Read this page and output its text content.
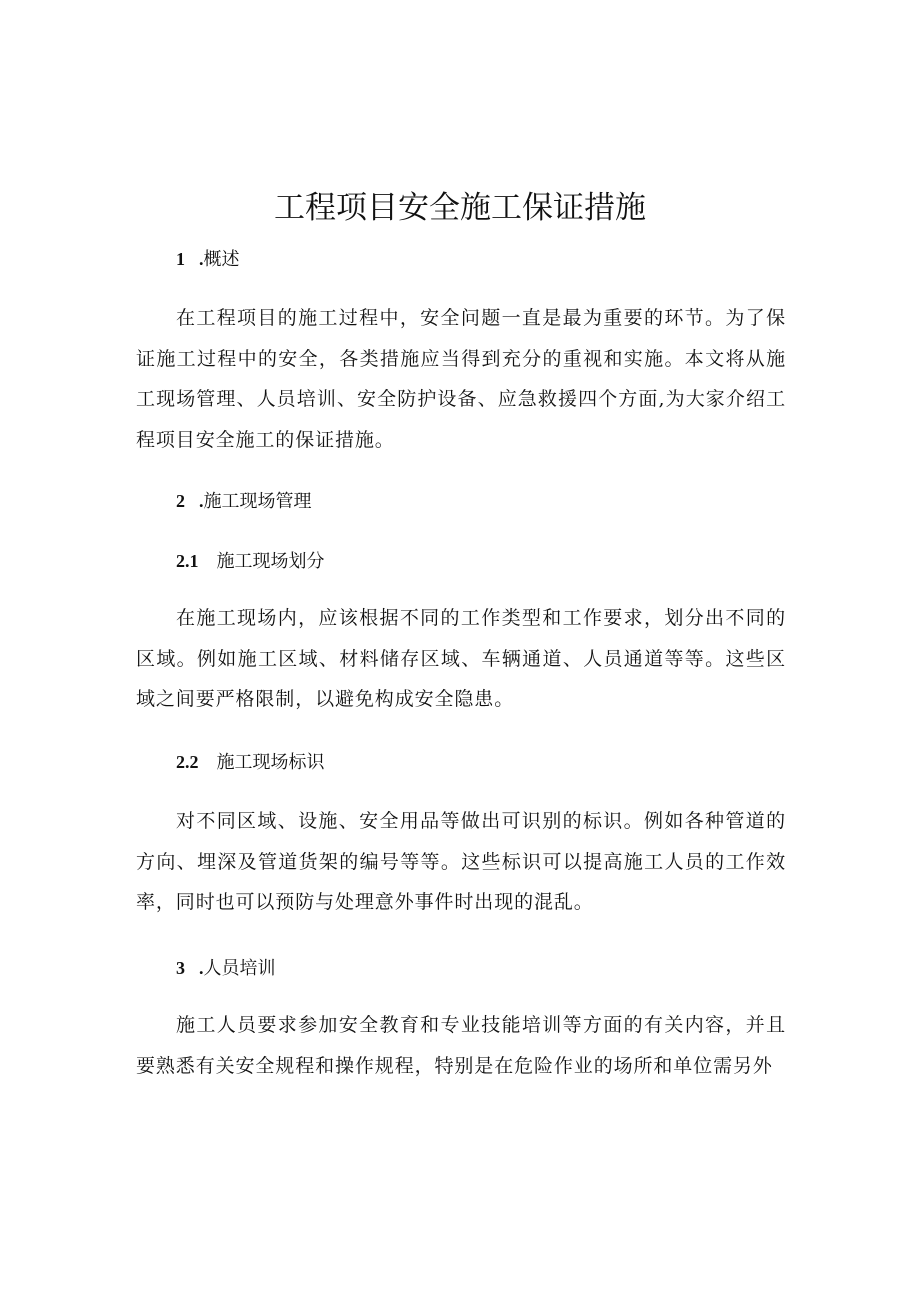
工程项目安全施工保证措施
1 .概述

在工程项目的施工过程中，安全问题一直是最为重要的环节。为了保证施工过程中的安全，各类措施应当得到充分的重视和实施。本文将从施工现场管理、人员培训、安全防护设备、应急救援四个方面,为大家介绍工程项目安全施工的保证措施。

2 .施工现场管理
2.1 施工现场划分

在施工现场内，应该根据不同的工作类型和工作要求，划分出不同的区域。例如施工区域、材料储存区域、车辆通道、人员通道等等。这些区域之间要严格限制，以避免构成安全隐患。

2.2 施工现场标识

对不同区域、设施、安全用品等做出可识别的标识。例如各种管道的方向、埋深及管道货架的编号等等。这些标识可以提高施工人员的工作效率，同时也可以预防与处理意外事件时出现的混乱。

3 .人员培训

施工人员要求参加安全教育和专业技能培训等方面的有关内容，并且要熟悉有关安全规程和操作规程，特别是在危险作业的场所和单位需另外
